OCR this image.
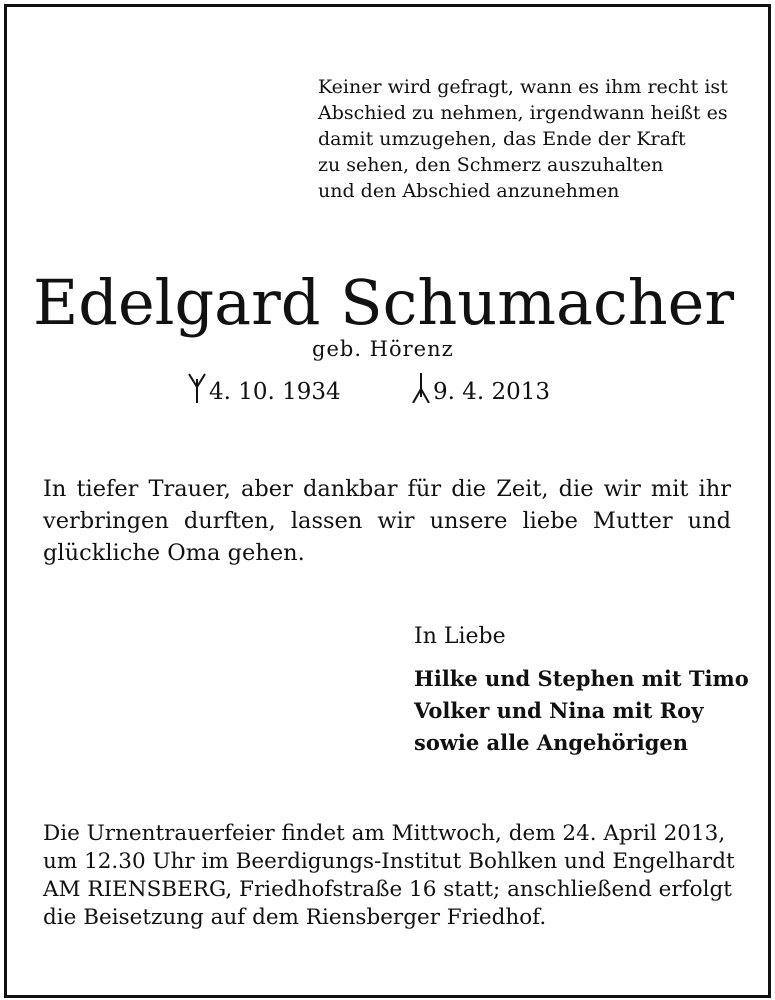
Keiner wird gefragt, wann es ihm recht ist
Abschied zu nehmen, irgendwann heißt es
damit umzugehen, das Ende der Kraft
zu sehen, den Schmerz auszuhalten
und den Abschied anzunehmen
Edelgard Schumacher
geb. Hörenz
4. 10. 1934	9. 4. 2013
In tiefer Trauer, aber dankbar für die Zeit, die wir mit ihr
verbringen durften, lassen wir unsere liebe Mutter und
glückliche Oma gehen.
In Liebe
Hilke und Stephen mit Timo
Volker und Nina mit Roy
sowie alle Angehörigen
Die Urnentrauerfeier findet am Mittwoch, dem 24. April 2013,
um 12.30 Uhr im Beerdigungs-Institut Bohlken und Engelhardt
AM RIENSBERG, Friedhofstraße 16 statt; anschließend erfolgt
die Beisetzung auf dem Riensberger Friedhof.
